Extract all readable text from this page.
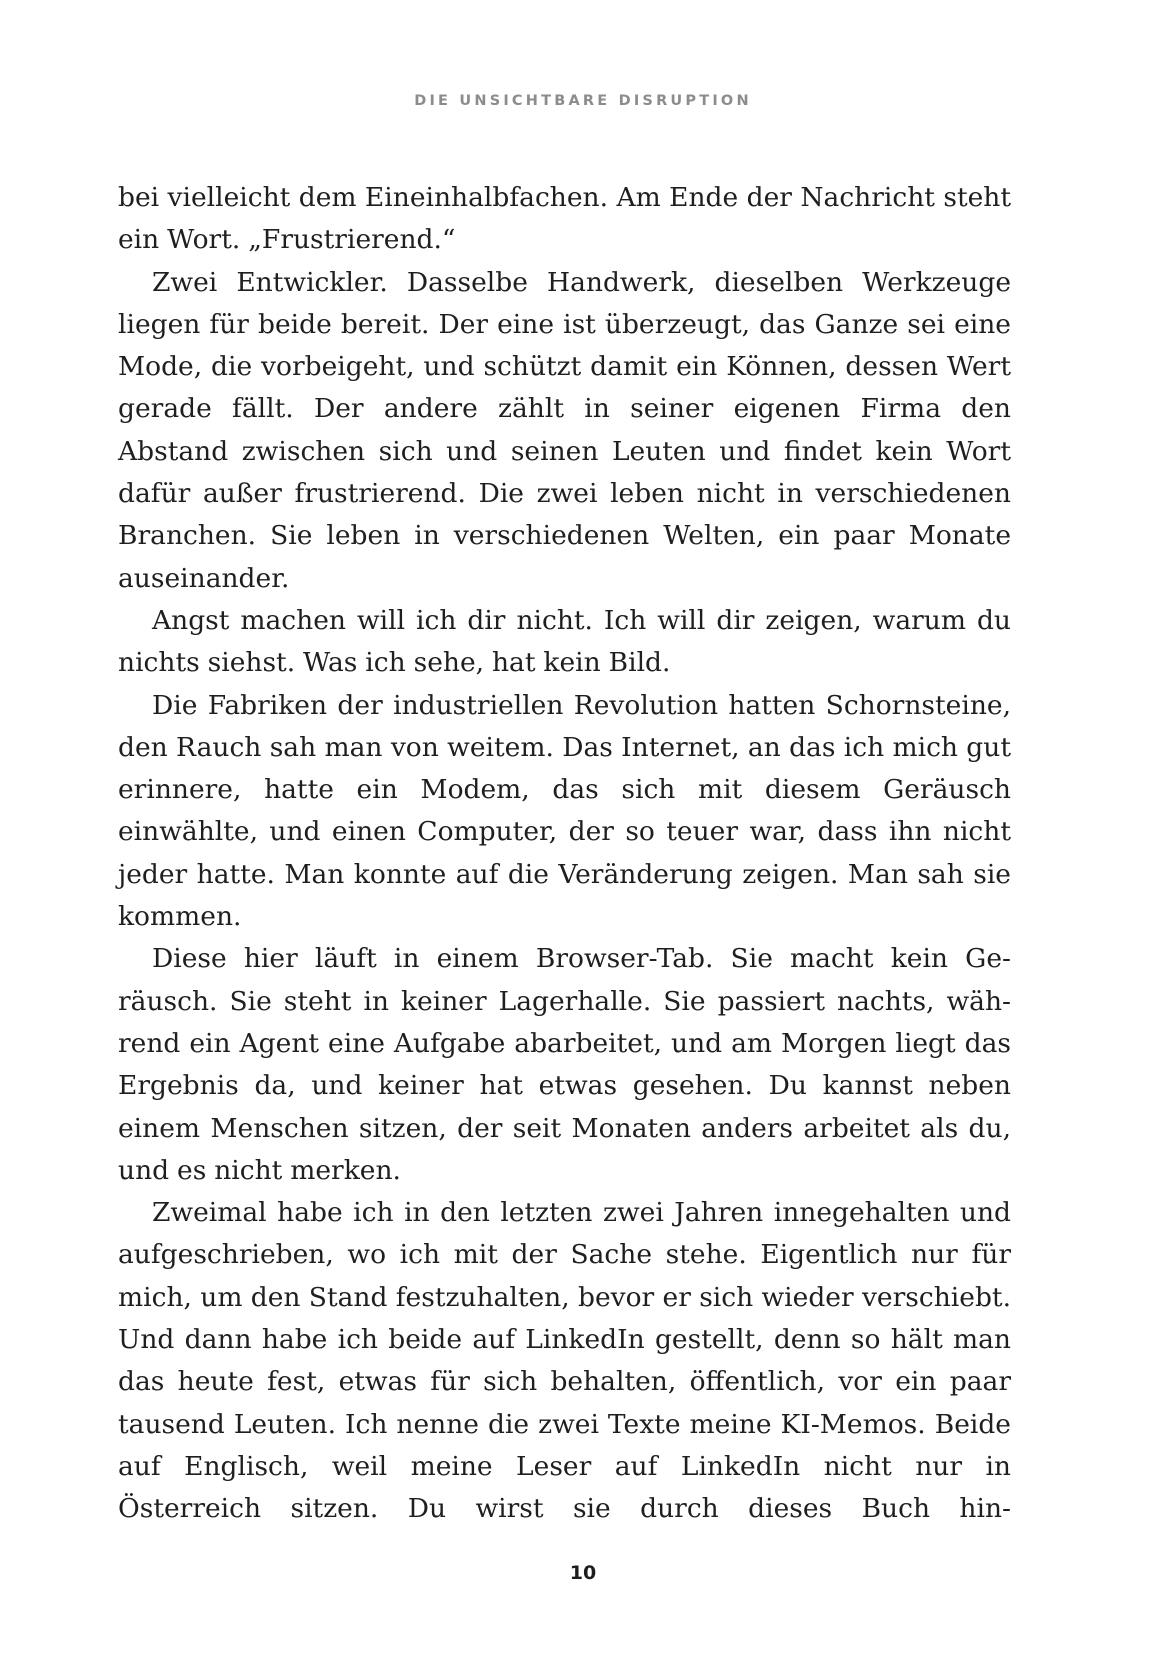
DIE UNSICHTBARE DISRUPTION

bei vielleicht dem Eineinhalbfachen. Am Ende der Nachricht steht ein Wort. „Frustrierend.“

Zwei Entwickler. Dasselbe Handwerk, dieselben Werkzeuge liegen für beide bereit. Der eine ist überzeugt, das Ganze sei eine Mode, die vorbeigeht, und schützt damit ein Können, dessen Wert gerade fällt. Der andere zählt in seiner eigenen Firma den Abstand zwischen sich und seinen Leuten und findet kein Wort dafür außer frustrierend. Die zwei leben nicht in verschiedenen Branchen. Sie leben in verschiedenen Welten, ein paar Monate auseinander.

Angst machen will ich dir nicht. Ich will dir zeigen, warum du nichts siehst. Was ich sehe, hat kein Bild.

Die Fabriken der industriellen Revolution hatten Schornsteine, den Rauch sah man von weitem. Das Internet, an das ich mich gut erinnere, hatte ein Modem, das sich mit diesem Geräusch einwählte, und einen Computer, der so teuer war, dass ihn nicht jeder hatte. Man konnte auf die Veränderung zeigen. Man sah sie kommen.

Diese hier läuft in einem Browser-Tab. Sie macht kein Geräusch. Sie steht in keiner Lagerhalle. Sie passiert nachts, während ein Agent eine Aufgabe abarbeitet, und am Morgen liegt das Ergebnis da, und keiner hat etwas gesehen. Du kannst neben einem Menschen sitzen, der seit Monaten anders arbeitet als du, und es nicht merken.

Zweimal habe ich in den letzten zwei Jahren innegehalten und aufgeschrieben, wo ich mit der Sache stehe. Eigentlich nur für mich, um den Stand festzuhalten, bevor er sich wieder verschiebt. Und dann habe ich beide auf LinkedIn gestellt, denn so hält man das heute fest, etwas für sich behalten, öffentlich, vor ein paar tausend Leuten. Ich nenne die zwei Texte meine KI-Memos. Beide auf Englisch, weil meine Leser auf LinkedIn nicht nur in Österreich sitzen. Du wirst sie durch dieses Buch hin-

10
